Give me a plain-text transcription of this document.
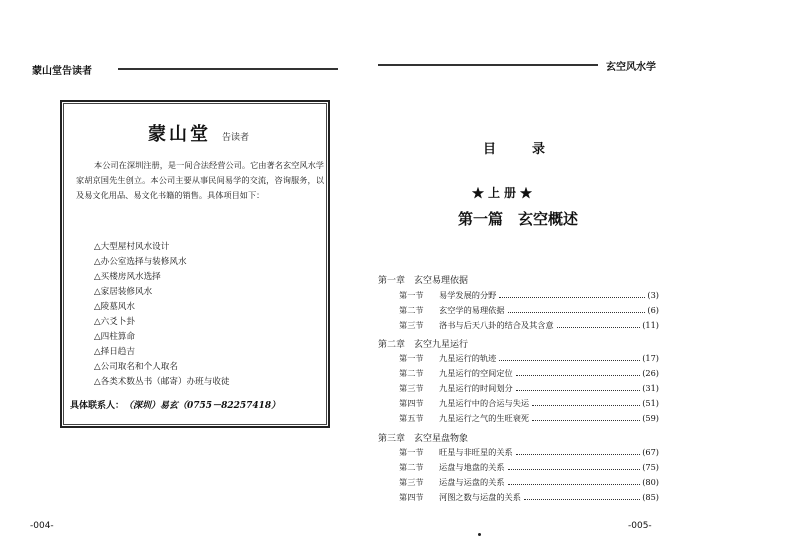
蒙山堂告读者
蒙山堂 告读者
本公司在深圳注册，是一间合法经营公司。它由著名玄空风水学家胡京国先生创立。本公司主要从事民间易学的交流，咨询服务，以及易文化用品、易文化书籍的销售。具体项目如下：
△大型屋村风水设计
△办公室选择与装修风水
△买楼房风水选择
△家居装修风水
△陵墓风水
△六爻卜卦
△四柱算命
△择日趋吉
△公司取名和个人取名
△各类术数丛书（邮寄）办班与收徒
具体联系人：（深圳）易玄（0755－82257418）
-004-
玄空风水学
目录
★上册★
第一篇　玄空概述
第一章　玄空易理依据
第一节	易学发展的分野	(3)
第二节	玄空学的易理依据	(6)
第三节	洛书与后天八卦的结合及其含意	(11)
第二章　玄空九星运行
第一节	九星运行的轨迹	(17)
第二节	九星运行的空间定位	(26)
第三节	九星运行的时间划分	(31)
第四节	九星运行中的合运与失运	(51)
第五节	九星运行之气的生旺衰死	(59)
第三章　玄空星盘物象
第一节	旺星与非旺星的关系	(67)
第二节	运盘与地盘的关系	(75)
第三节	运盘与运盘的关系	(80)
第四节	河图之数与运盘的关系	(85)
-005-
